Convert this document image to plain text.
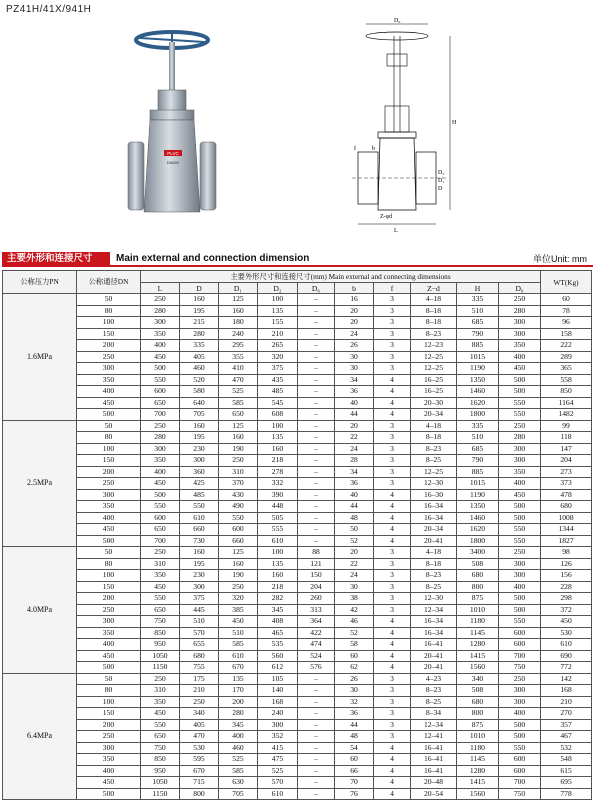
PZ41H/41X/941H
PLVC
DN800
D₀
H
L
Z-φd
D
D₁
D₂
b
f
主要外形和连接尺寸	Main external and connection dimension	单位Unit: mm
公称压力PN	公称通径DN	主要外形尺寸和连接尺寸(mm) Main external and connecting dimensions										WT(Kg)
		L	D	D₁	D₂	D₆	b	f	Z−d	H	D₀	
1.6MPa	50	250	160	125	100	–	16	3	4–18	335	250	60
	80	280	195	160	135	–	20	3	8–18	510	280	78
	100	300	215	180	155	–	20	3	8–18	685	300	96
	150	350	280	240	210	–	24	3	8–23	790	300	158
	200	400	335	295	265	–	26	3	12–23	885	350	222
	250	450	405	355	320	–	30	3	12–25	1015	400	289
	300	500	460	410	375	–	30	3	12–25	1190	450	365
	350	550	520	470	435	–	34	4	16–25	1350	500	558
	400	600	580	525	485	–	36	4	16–25	1460	500	850
	450	650	640	585	545	–	40	4	20–30	1620	550	1164
	500	700	705	650	608	–	44	4	20–34	1800	550	1482
2.5MPa	50	250	160	125	100	–	20	3	4–18	335	250	99
	80	280	195	160	135	–	22	3	8–18	510	280	118
	100	300	230	190	160	–	24	3	8–23	685	300	147
	150	350	300	250	218	–	28	3	8–25	790	300	204
	200	400	360	310	278	–	34	3	12–25	885	350	273
	250	450	425	370	332	–	36	3	12–30	1015	400	373
	300	500	485	430	390	–	40	4	16–30	1190	450	478
	350	550	550	490	448	–	44	4	16–34	1350	500	680
	400	600	610	550	505	–	48	4	16–34	1460	500	1008
	450	650	660	600	555	–	50	4	20–34	1620	550	1344
	500	700	730	660	610	–	52	4	20–41	1800	550	1827
4.0MPa	50	250	160	125	100	88	20	3	4–18	3400	250	98
	80	310	195	160	135	121	22	3	8–18	508	300	126
	100	350	230	190	160	150	24	3	8–23	680	300	156
	150	450	300	250	218	204	30	3	8–25	800	400	228
	200	550	375	320	282	260	38	3	12–30	875	500	298
	250	650	445	385	345	313	42	3	12–34	1010	500	372
	300	750	510	450	408	364	46	4	16–34	1180	550	450
	350	850	570	510	465	422	52	4	16–34	1145	600	530
	400	950	655	585	535	474	58	4	16–41	1280	600	610
	450	1050	680	610	560	524	60	4	20–41	1415	700	690
	500	1150	755	670	612	576	62	4	20–41	1560	750	772
6.4MPa	50	250	175	135	105	–	26	3	4–23	340	250	142
	80	310	210	170	140	–	30	3	8–23	508	300	168
	100	350	250	200	168	–	32	3	8–25	680	300	210
	150	450	340	280	240	–	36	3	8–34	800	400	270
	200	550	405	345	300	–	44	3	12–34	875	500	357
	250	650	470	400	352	–	48	3	12–41	1010	500	467
	300	750	530	460	415	–	54	4	16–41	1180	550	532
	350	850	595	525	475	–	60	4	16–41	1145	600	548
	400	950	670	585	525	–	66	4	16–41	1280	600	615
	450	1050	715	630	570	–	70	4	20–48	1415	700	695
	500	1150	800	705	610	–	76	4	20–54	1560	750	778
